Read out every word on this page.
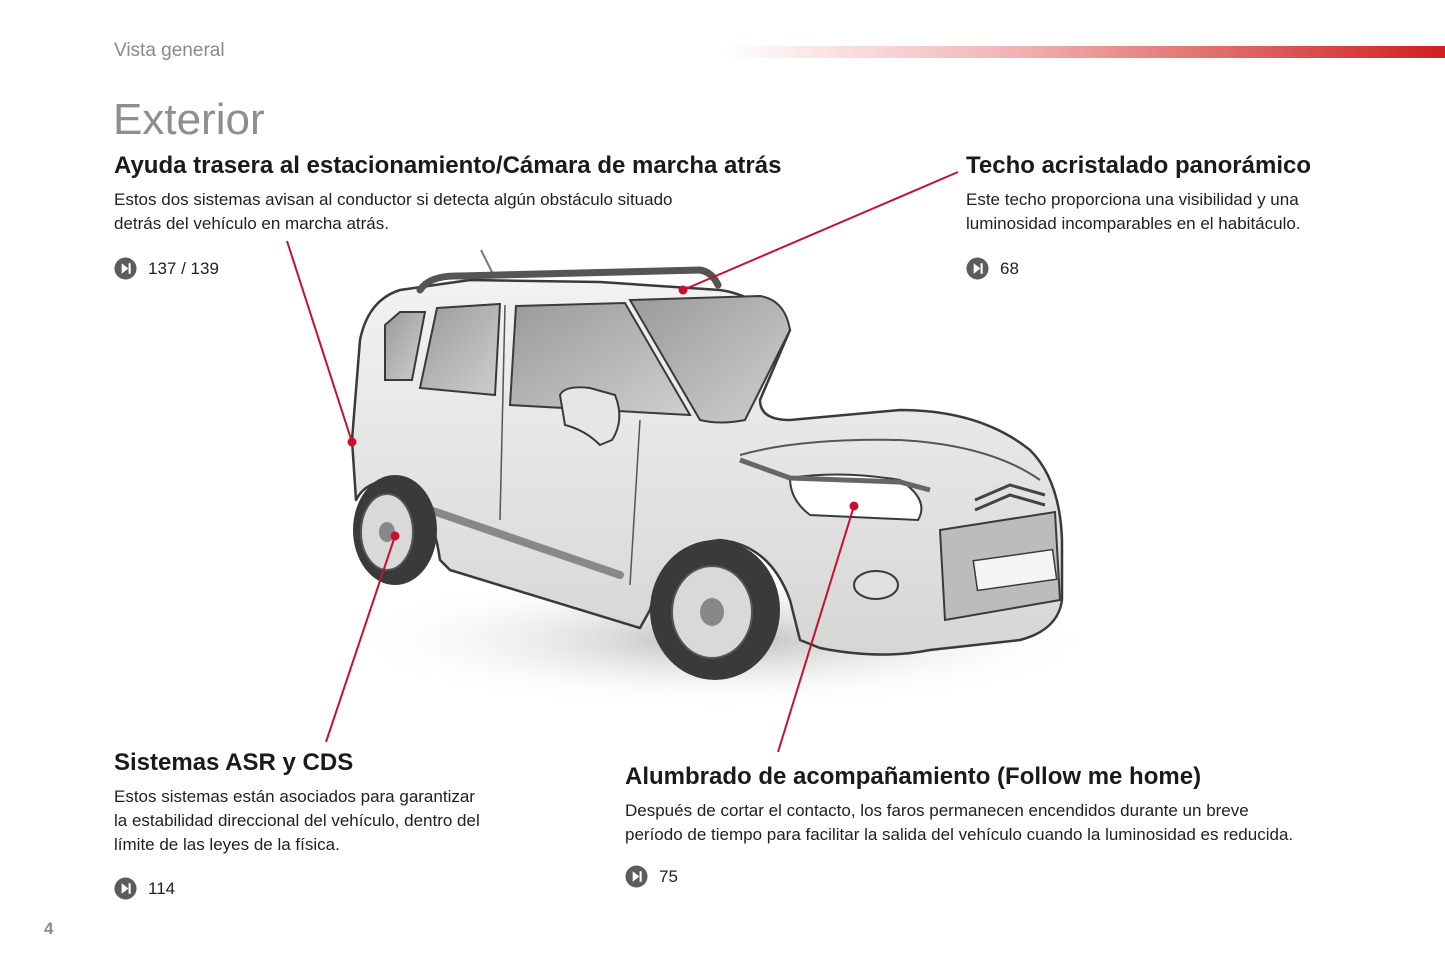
Vista general
Exterior
Ayuda trasera al estacionamiento/Cámara de marcha atrás

Estos dos sistemas avisan al conductor si detecta algún obstáculo situado

detrás del vehículo en marcha atrás.

137 / 139
Techo acristalado panorámico

Este techo proporciona una visibilidad y una

luminosidad incomparables en el habitáculo.

68
Sistemas ASR y CDS

Estos sistemas están asociados para garantizar

la estabilidad direccional del vehículo, dentro del

límite de las leyes de la física.

114
Alumbrado de acompañamiento (Follow me home)

Después de cortar el contacto, los faros permanecen encendidos durante un breve

período de tiempo para facilitar la salida del vehículo cuando la luminosidad es reducida.

75
4
